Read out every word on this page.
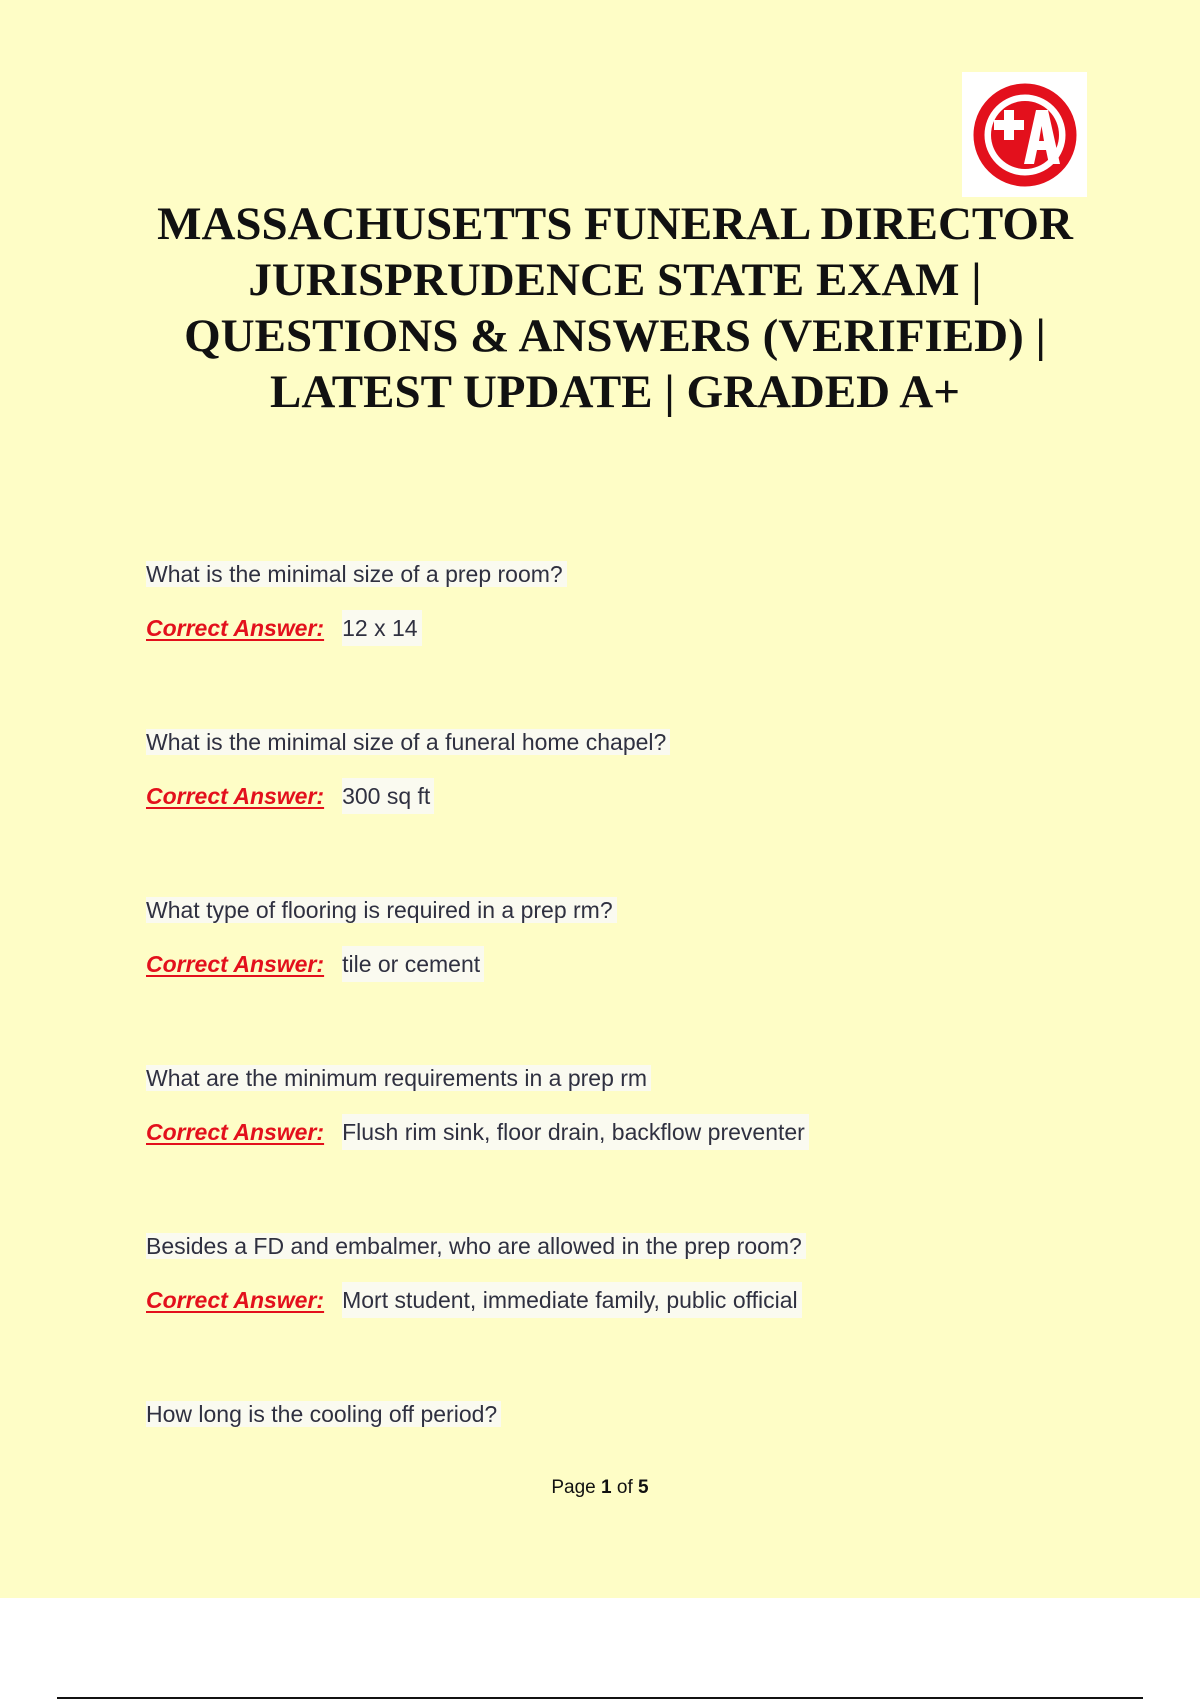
MASSACHUSETTS FUNERAL DIRECTOR JURISPRUDENCE STATE EXAM | QUESTIONS & ANSWERS (VERIFIED) | LATEST UPDATE | GRADED A+
What is the minimal size of a prep room?
Correct Answer: 12 x 14
What is the minimal size of a funeral home chapel?
Correct Answer: 300 sq ft
What type of flooring is required in a prep rm?
Correct Answer: tile or cement
What are the minimum requirements in a prep rm
Correct Answer: Flush rim sink, floor drain, backflow preventer
Besides a FD and embalmer, who are allowed in the prep room?
Correct Answer: Mort student, immediate family, public official
How long is the cooling off period?
Page 1 of 5
